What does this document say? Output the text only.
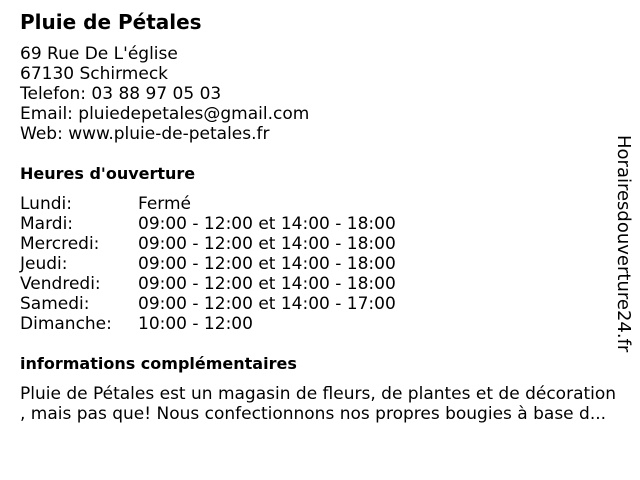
Pluie de Pétales
69 Rue De L'église
67130 Schirmeck
Telefon: 03 88 97 05 03
Email: pluiedepetales@gmail.com
Web: www.pluie-de-petales.fr
Heures d'ouverture
Lundi:	Fermé
Mardi:	09:00 - 12:00 et 14:00 - 18:00
Mercredi: 09:00 - 12:00 et 14:00 - 18:00
Jeudi:	09:00 - 12:00 et 14:00 - 18:00
Vendredi: 09:00 - 12:00 et 14:00 - 18:00
Samedi:	09:00 - 12:00 et 14:00 - 17:00
Dimanche: 10:00 - 12:00
informations complémentaires
Pluie de Pétales est un magasin de fleurs, de plantes et de décoration
, mais pas que! Nous confectionnons nos propres bougies à base d...
Horairesdouverture24.fr
